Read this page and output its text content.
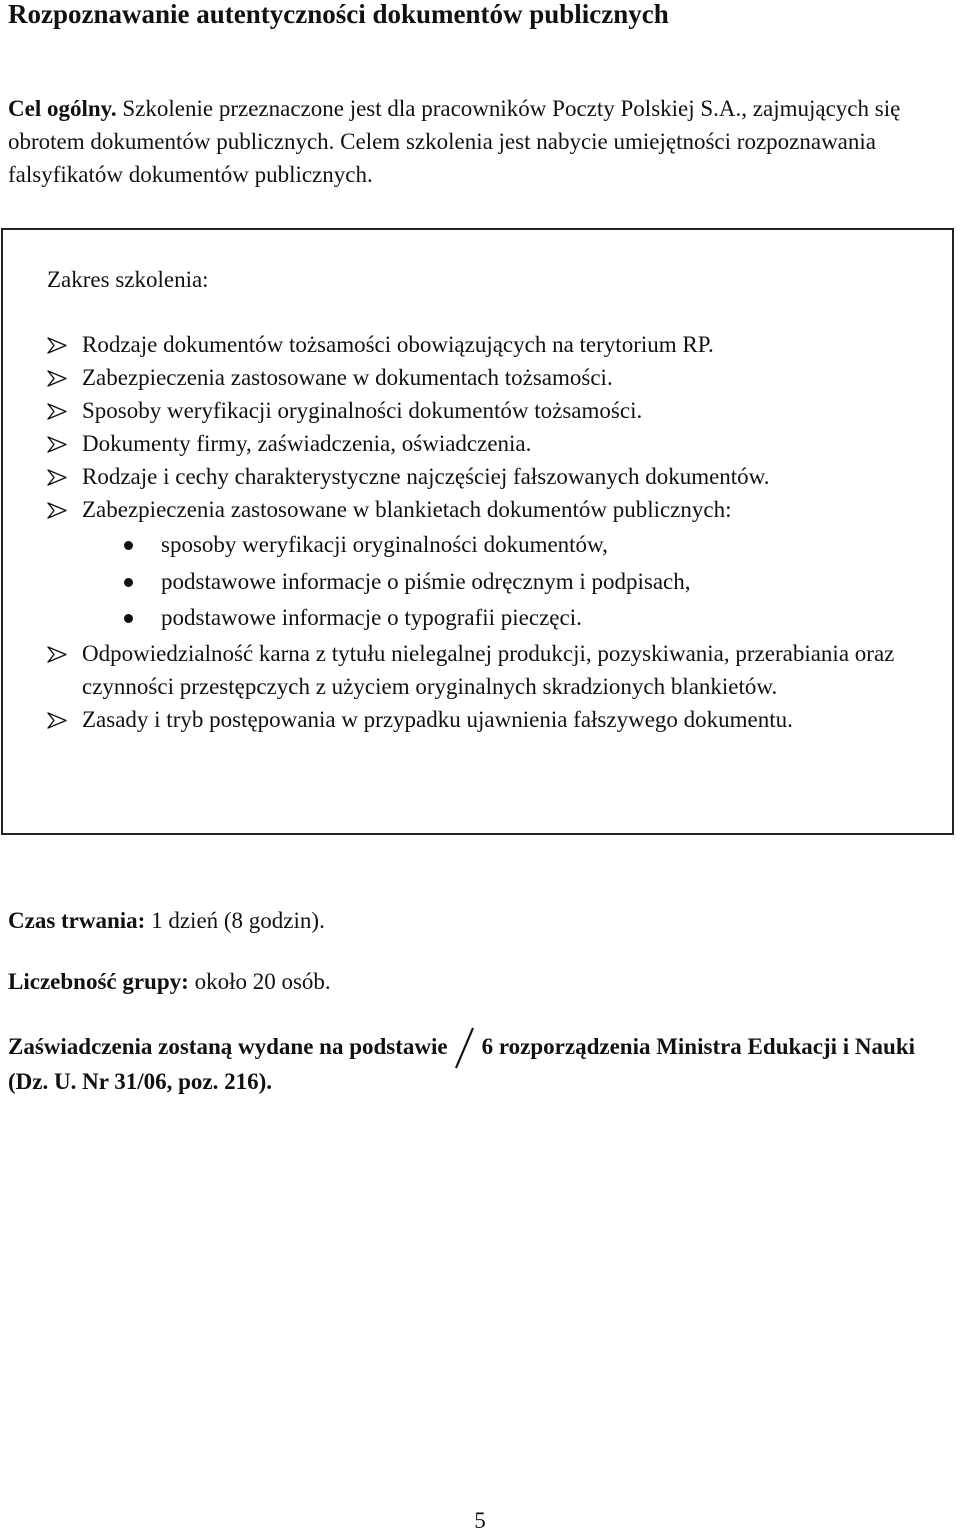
Rozpoznawanie autentyczności dokumentów publicznych

Cel ogólny. Szkolenie przeznaczone jest dla pracowników Poczty Polskiej S.A., zajmujących się obrotem dokumentów publicznych. Celem szkolenia jest nabycie umiejętności rozpoznawania falsyfikatów dokumentów publicznych.

Zakres szkolenia:

Rodzaje dokumentów tożsamości obowiązujących na terytorium RP.
Zabezpieczenia zastosowane w dokumentach tożsamości.
Sposoby weryfikacji oryginalności dokumentów tożsamości.
Dokumenty firmy, zaświadczenia, oświadczenia.
Rodzaje i cechy charakterystyczne najczęściej fałszowanych dokumentów.
Zabezpieczenia zastosowane w blankietach dokumentów publicznych:
sposoby weryfikacji oryginalności dokumentów,
podstawowe informacje o piśmie odręcznym i podpisach,
podstawowe informacje o typografii pieczęci.
Odpowiedzialność karna z tytułu nielegalnej produkcji, pozyskiwania, przerabiania oraz czynności przestępczych z użyciem oryginalnych skradzionych blankietów.
Zasady i tryb postępowania w przypadku ujawnienia fałszywego dokumentu.

Czas trwania: 1 dzień (8 godzin).

Liczebność grupy: około 20 osób.

Zaświadczenia zostaną wydane na podstawie 6 rozporządzenia Ministra Edukacji i Nauki (Dz. U. Nr 31/06, poz. 216).

5
